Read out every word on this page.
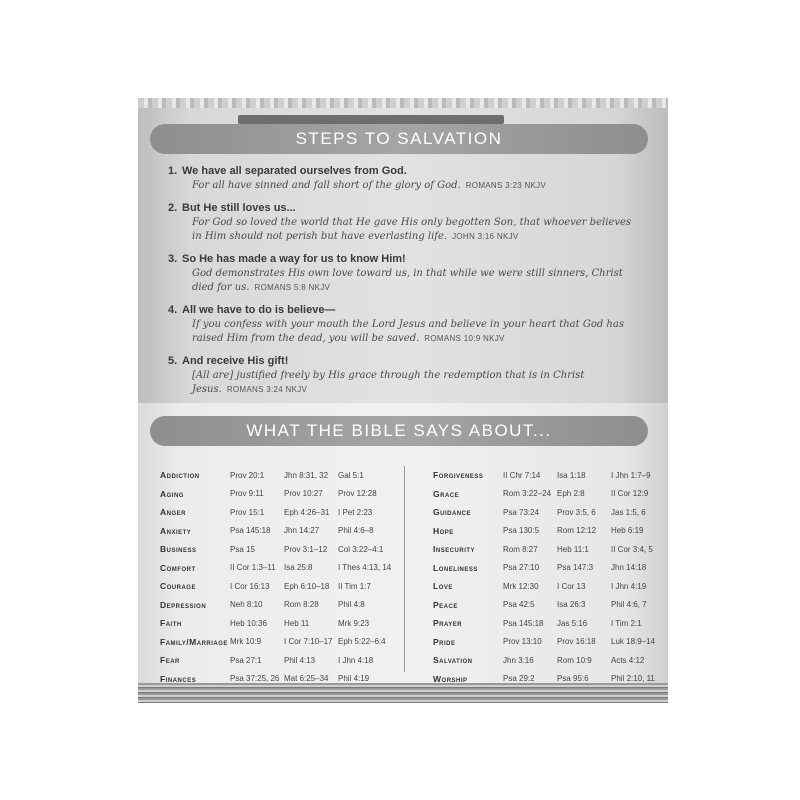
STEPS TO SALVATION
1. We have all separated ourselves from God.
For all have sinned and fall short of the glory of God. ROMANS 3:23 NKJV
2. But He still loves us...
For God so loved the world that He gave His only begotten Son, that whoever believes in Him should not perish but have everlasting life. JOHN 3:16 NKJV
3. So He has made a way for us to know Him!
God demonstrates His own love toward us, in that while we were still sinners, Christ died for us. ROMANS 5:8 NKJV
4. All we have to do is believe—
If you confess with your mouth the Lord Jesus and believe in your heart that God has raised Him from the dead, you will be saved. ROMANS 10:9 NKJV
5. And receive His gift!
[All are] justified freely by His grace through the redemption that is in Christ Jesus. ROMANS 3:24 NKJV
WHAT THE BIBLE SAYS ABOUT...
Addiction	Prov 20:1	Jhn 8:31, 32	Gal 5:1
Aging	Prov 9:11	Prov 10:27	Prov 12:28
Anger	Prov 15:1	Eph 4:26–31	I Pet 2:23
Anxiety	Psa 145:18	Jhn 14:27	Phil 4:6–8
Business	Psa 15	Prov 3:1–12	Col 3:22–4:1
Comfort	II Cor 1:3–11	Isa 25:8	I Thes 4:13, 14
Courage	I Cor 16:13	Eph 6:10–18	II Tim 1:7
Depression	Neh 8:10	Rom 8:28	Phil 4:8
Faith	Heb 10:36	Heb 11	Mrk 9:23
Family/Marriage Mrk 10:9	I Cor 7:10–17 Eph 5:22–6:4
Fear	Psa 27:1	Phil 4:13	I Jhn 4:18
Finances	Psa 37:25, 26 Mat 6:25–34	Phil 4:19
Forgiveness	II Chr 7:14	Isa 1:18	I Jhn 1:7–9
Grace	Rom 3:22–24 Eph 2:8	II Cor 12:9
Guidance	Psa 73:24	Prov 3:5, 6	Jas 1:5, 6
Hope	Psa 130:5	Rom 12:12	Heb 6:19
Insecurity	Rom 8:27	Heb 11:1	II Cor 3:4, 5
Loneliness	Psa 27:10	Psa 147:3	Jhn 14:18
Love	Mrk 12:30	I Cor 13	I Jhn 4:19
Peace	Psa 42:5	Isa 26:3	Phil 4:6, 7
Prayer	Psa 145:18	Jas 5:16	I Tim 2:1
Pride	Prov 13:10	Prov 16:18	Luk 18:9–14
Salvation	Jhn 3:16	Rom 10:9	Acts 4:12
Worship	Psa 29:2	Psa 95:6	Phil 2:10, 11
